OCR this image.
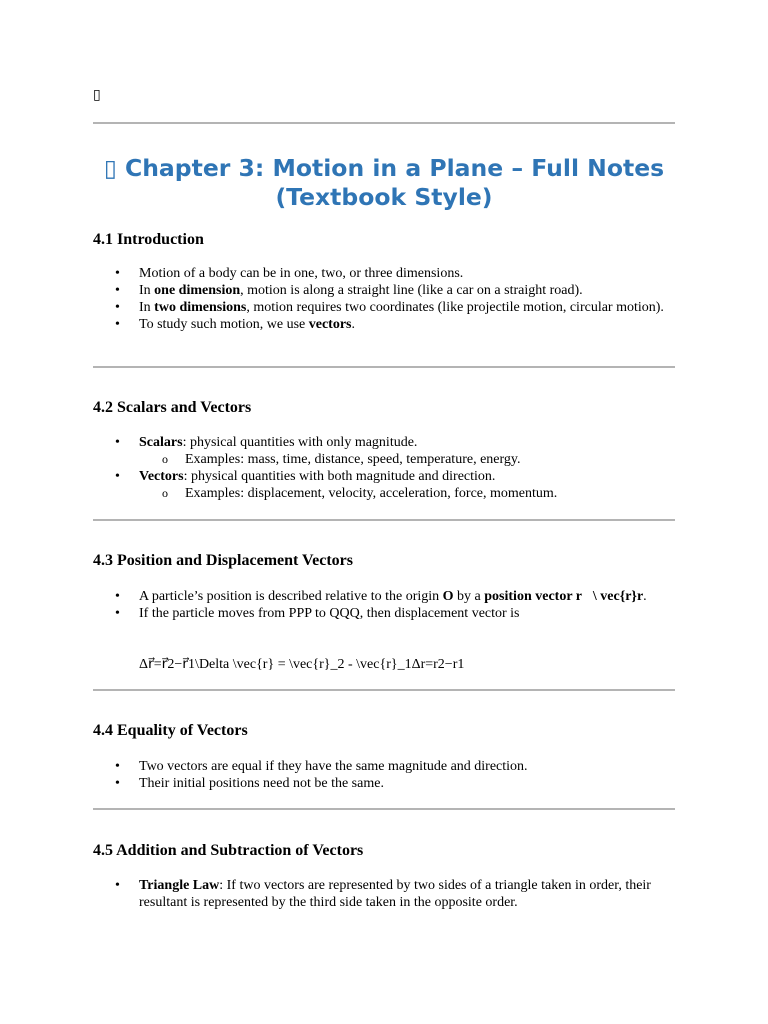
▯
▯ Chapter 3: Motion in a Plane – Full Notes (Textbook Style)
4.1 Introduction
• Motion of a body can be in one, two, or three dimensions.
• In one dimension, motion is along a straight line (like a car on a straight road).
• In two dimensions, motion requires two coordinates (like projectile motion, circular motion).
• To study such motion, we use vectors.
4.2 Scalars and Vectors
• Scalars: physical quantities with only magnitude.
o Examples: mass, time, distance, speed, temperature, energy.
• Vectors: physical quantities with both magnitude and direction.
o Examples: displacement, velocity, acceleration, force, momentum.
4.3 Position and Displacement Vectors
• A particle’s position is described relative to the origin O by a position vector r⃗\ vec{r}r.
• If the particle moves from PPP to QQQ, then displacement vector is
Δr⃗=r⃗2−r⃗1\Delta \vec{r} = \vec{r}_2 - \vec{r}_1Δr=r2−r1
4.4 Equality of Vectors
• Two vectors are equal if they have the same magnitude and direction.
• Their initial positions need not be the same.
4.5 Addition and Subtraction of Vectors
• Triangle Law: If two vectors are represented by two sides of a triangle taken in order, their resultant is represented by the third side taken in the opposite order.
